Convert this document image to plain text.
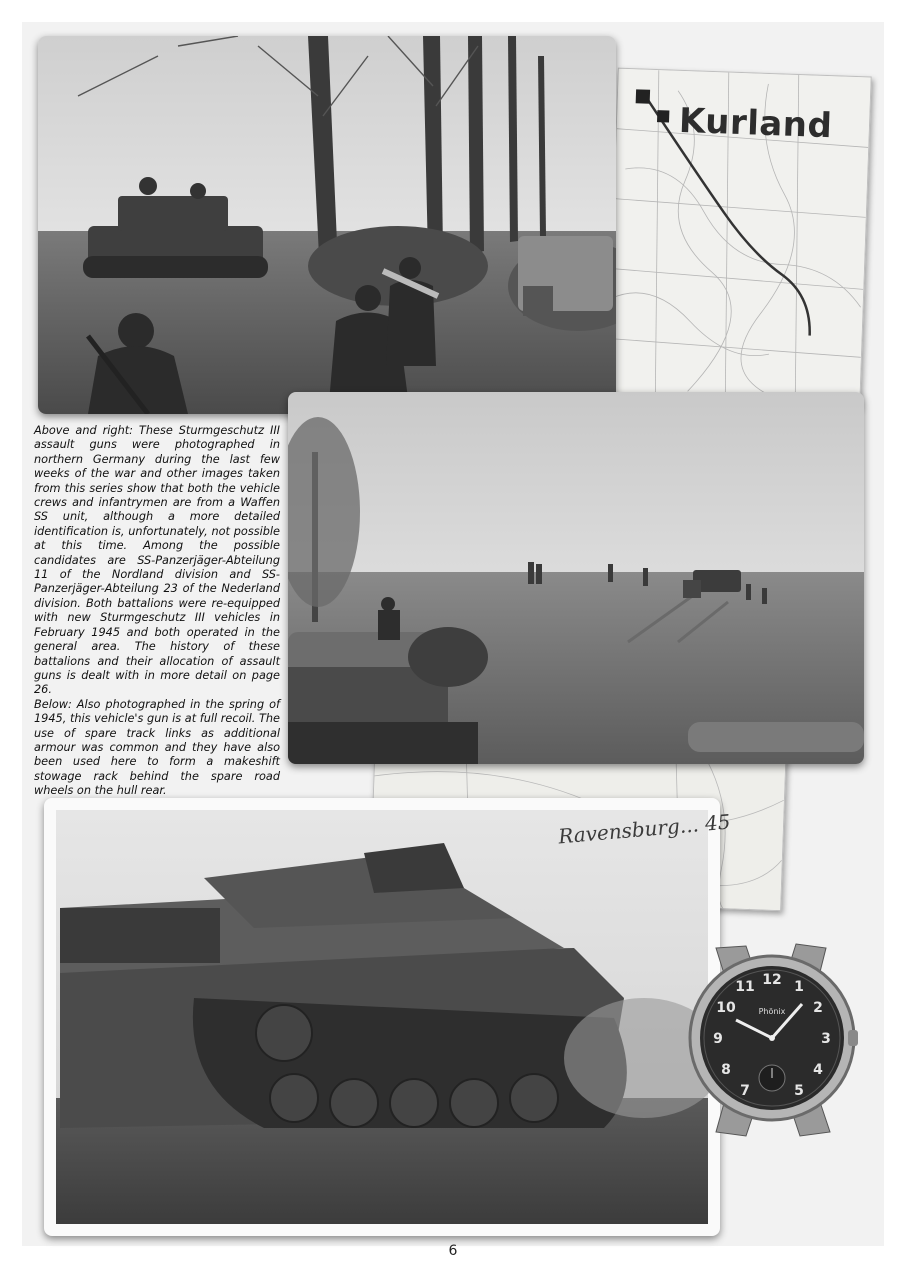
Kurland
Ravensburg... 45
12 1
2
3
4
5
7
8
9
10
11
Phönix

Above and right: These Sturmgeschutz III assault guns were photographed in northern Germany during the last few weeks of the war and other images taken from this series show that both the vehicle crews and infantrymen are from a Waffen SS unit, although a more detailed identification is, unfortunately, not possible at this time. Among the possible candidates are SS-Panzerjäger-Abteilung 11 of the Nordland division and SS-Panzerjäger-Abteilung 23 of the Nederland division. Both battalions were re-equipped with new Sturmgeschutz III vehicles in February 1945 and both operated in the general area. The history of these battalions and their allocation of assault guns is dealt with in more detail on page 26.

Below: Also photographed in the spring of 1945, this vehicle's gun is at full recoil. The use of spare track links as additional armour was common and they have also been used here to form a makeshift stowage rack behind the spare road wheels on the hull rear.

6
